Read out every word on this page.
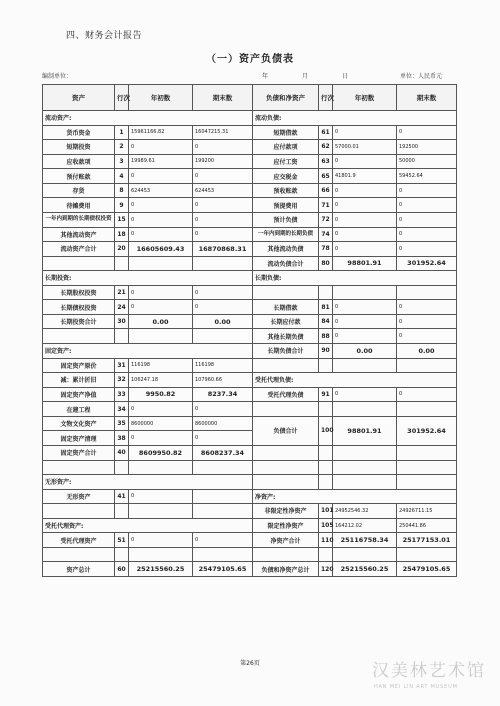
四、财务会计报告
（一）资产负债表
编制单位：	年	月	日	单位：人民币元
资产	行次	年初数	期末数	负债和净资产	行次	年初数	期末数
流动资产:				流动负债:			
货币资金	1	15961166.82	16047215.31	短期借款	61	0	0
短期投资	2	0	0	应付款项	62	57000.01	192500
应收款项	3	19989.61	199200	应付工资	63	0	50000
预付账款	4	0	0	应交税金	65	41801.9	59452.64
存货	8	624453	624453	预收账款	66	0	0
待摊费用	9	0	0	预提费用	71	0	0
一年内到期的长期债权投资	15	0	0	预计负债	72	0	0
其他流动资产	18	0	0	一年内到期的长期负债	74	0	0
流动资产合计	20	16605609.43	16870868.31	其他流动负债	78	0	0
				流动负债合计	80	98801.91	301952.64
长期投资:				长期负债:			
长期股权投资	21	0	0				
长期债权投资	24	0	0	长期借款	81	0	0
长期投资合计	30	0.00	0.00	长期应付款	84	0	0
				其他长期负债	88	0	0
固定资产:				长期负债合计	90	0.00	0.00
固定资产原价	31	116198	116198				
减：累计折旧	32	106247.18	107960.66	受托代理负债:			
固定资产净值	33	9950.82	8237.34	受托代理负债	91	0	0
在建工程	34	0	0				
文物文化资产	35	8600000	8600000	负债合计	100	98801.91	301952.64
固定资产清理	38	0	0				
固定资产合计	40	8609950.82	8608237.34				

无形资产:							
无形资产	41	0		净资产:			
				非限定性净资产	101	24952546.32	24926711.15
受托代理资产:				限定性净资产	105	164212.02	250441.86
受托代理资产	51	0	0	净资产合计	110	25116758.34	25177153.01

资产总计	60	25215560.25	25479105.65	负债和净资产总计	120	25215560.25	25479105.65
第26页	汉美林艺术馆
HAN MEI LIN ART MUSEUM
